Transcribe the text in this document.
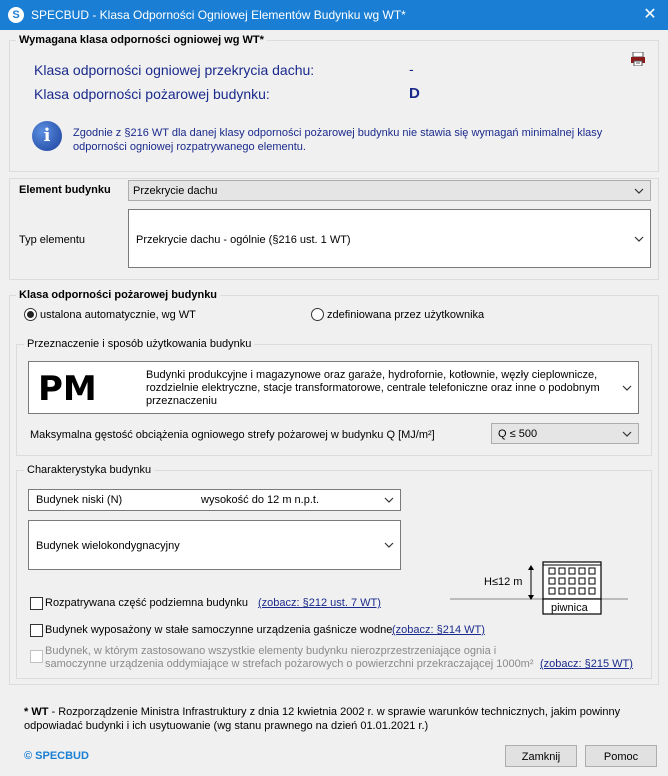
S SPECBUD - Klasa Odporności Ogniowej Elementów Budynku wg WT*	✕
Wymagana klasa odporności ogniowej wg WT*
Klasa odporności ogniowej przekrycia dachu:	-
Klasa odporności pożarowej budynku:	D
i	Zgodnie z §216 WT dla danej klasy odporności pożarowej budynku nie stawia się wymagań minimalnej klasy odporności ogniowej rozpatrywanego elementu.
Element budynku Przekrycie dachu
Typ elementu	Przekrycie dachu - ogólnie (§216 ust. 1 WT)
Klasa odporności pożarowej budynku
ustalona automatycznie, wg WT	zdefiniowana przez użytkownika
Przeznaczenie i sposób użytkowania budynku
PM	Budynki produkcyjne i magazynowe oraz garaże, hydrofornie, kotłownie, węzły cieplownicze, rozdzielnie elektryczne, stacje transformatorowe, centrale telefoniczne oraz inne o podobnym przeznaczeniu
Maksymalna gęstość obciążenia ogniowego strefy pożarowej w budynku Q [MJ/m²]	Q ≤ 500
Charakterystyka budynku
Budynek niski (N)	wysokość do 12 m n.p.t.
Budynek wielokondygnacyjny
H≤12 m
piwnica
Rozpatrywana część podziemna budynku (zobacz: §212 ust. 7 WT)
Budynek wyposażony w stałe samoczynne urządzenia gaśnicze wodne (zobacz: §214 WT)
Budynek, w którym zastosowano wszystkie elementy budynku nierozprzestrzeniające ognia i samoczynne urządzenia oddymiające w strefach pożarowych o powierzchni przekraczającej 1000m² (zobacz: §215 WT)
* WT - Rozporządzenie Ministra Infrastruktury z dnia 12 kwietnia 2002 r. w sprawie warunków technicznych, jakim powinny odpowiadać budynki i ich usytuowanie (wg stanu prawnego na dzień 01.01.2021 r.)
© SPECBUD	Zamknij	Pomoc
